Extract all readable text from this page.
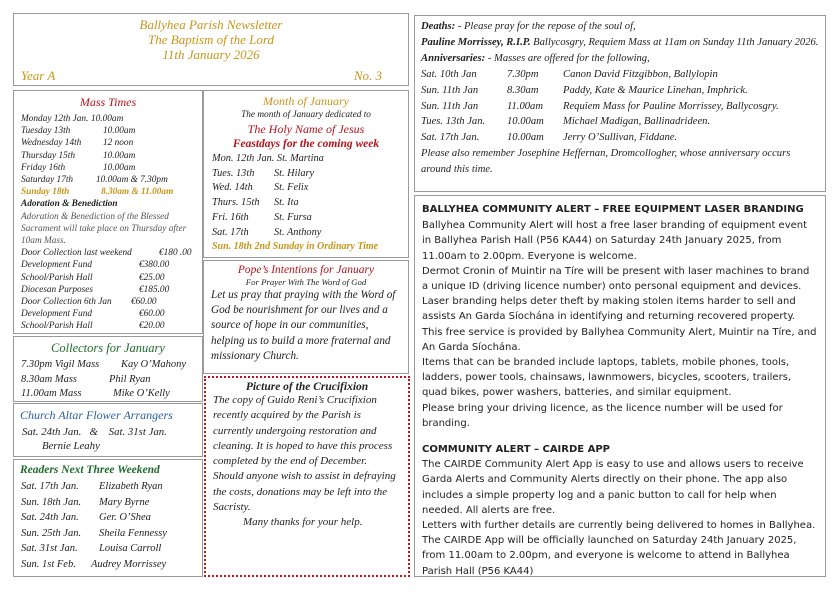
Ballyhea Parish Newsletter
The Baptism of the Lord
11th January 2026
Year A	No. 3
Mass Times
Monday 12th Jan. 10.00am
Tuesday 13th	10.00am
Wednesday 14th	12 noon
Thursday 15th	10.00am
Friday 16th	10.00am
Saturday 17th	10.00am & 7.30pm
Sunday 18th	8.30am & 11.00am
Adoration & Benediction
Adoration & Benediction of the Blessed Sacrament will take place on Thursday after 10am Mass.
Door Collection last weekend	€180 .00
Development Fund	€380.00
School/Parish Hall	€25.00
Diocesan Purposes	€185.00
Door Collection 6th Jan	€60.00
Development Fund	€60.00
School/Parish Hall	€20.00
Month of January
The month of January dedicated to
The Holy Name of Jesus
Feastdays for the coming week
Mon. 12th Jan. St. Martina
Tues. 13th	St. Hilary
Wed. 14th	St. Felix
Thurs. 15th	St. Ita
Fri. 16th	St. Fursa
Sat. 17th	St. Anthony
Sun. 18th 2nd Sunday in Ordinary Time
Pope’s Intentions for January
For Prayer With The Word of God
Let us pray that praying with the Word of God be nourishment for our lives and a source of hope in our communities, helping us to build a more fraternal and missionary Church.
Collectors for January
7.30pm Vigil Mass	Kay O’Mahony
8.30am Mass	Phil Ryan
11.00am Mass	Mike O’Kelly
Church Altar Flower Arrangers
Sat. 24th Jan.   &    Sat. 31st Jan.
Bernie Leahy
Readers Next Three Weekend
Sat. 17th Jan.	Elizabeth Ryan
Sun. 18th Jan.	Mary Byrne
Sat. 24th Jan.	Ger. O’Shea
Sun. 25th Jan.	Sheila Fennessy
Sat. 31st Jan.	Louisa Carroll
Sun. 1st Feb.	Audrey Morrissey
Picture of the Crucifixion
The copy of Guido Reni’s Crucifixion recently acquired by the Parish is currently undergoing restoration and cleaning. It is hoped to have this process completed by the end of December.
Should anyone wish to assist in defraying the costs, donations may be left into the Sacristy.
Many thanks for your help.
Deaths: - Please pray for the repose of the soul of,
Pauline Morrissey, R.I.P. Ballycosgry, Requiem Mass at 11am on Sunday 11th January 2026.
Anniversaries: - Masses are offered for the following,
Sat. 10th Jan	7.30pm	Canon David Fitzgibbon, Ballylopin
Sun. 11th Jan	8.30am	Paddy, Kate & Maurice Linehan, Imphrick.
Sun. 11th Jan	11.00am	Requiem Mass for Pauline Morrissey, Ballycosgry.
Tues. 13th Jan.	10.00am	Michael Madigan, Ballinadrideen.
Sat. 17th Jan.	10.00am	Jerry O’Sullivan, Fiddane.
Please also remember Josephine Heffernan, Dromcollogher, whose anniversary occurs around this time.
BALLYHEA COMMUNITY ALERT – FREE EQUIPMENT LASER BRANDING
Ballyhea Community Alert will host a free laser branding of equipment event in Ballyhea Parish Hall (P56 KA44) on Saturday 24th January 2025, from 11.00am to 2.00pm. Everyone is welcome.
Dermot Cronin of Muintir na Tíre will be present with laser machines to brand a unique ID (driving licence number) onto personal equipment and devices.
Laser branding helps deter theft by making stolen items harder to sell and assists An Garda Síochána in identifying and returning recovered property.
This free service is provided by Ballyhea Community Alert, Muintir na Tíre, and An Garda Síochána.
Items that can be branded include laptops, tablets, mobile phones, tools, ladders, power tools, chainsaws, lawnmowers, bicycles, scooters, trailers, quad bikes, power washers, batteries, and similar equipment.
Please bring your driving licence, as the licence number will be used for branding.
COMMUNITY ALERT – CAIRDE APP
The CAIRDE Community Alert App is easy to use and allows users to receive Garda Alerts and Community Alerts directly on their phone. The app also includes a simple property log and a panic button to call for help when needed. All alerts are free.
Letters with further details are currently being delivered to homes in Ballyhea. The CAIRDE App will be officially launched on Saturday 24th January 2025, from 11.00am to 2.00pm, and everyone is welcome to attend in Ballyhea Parish Hall (P56 KA44)
